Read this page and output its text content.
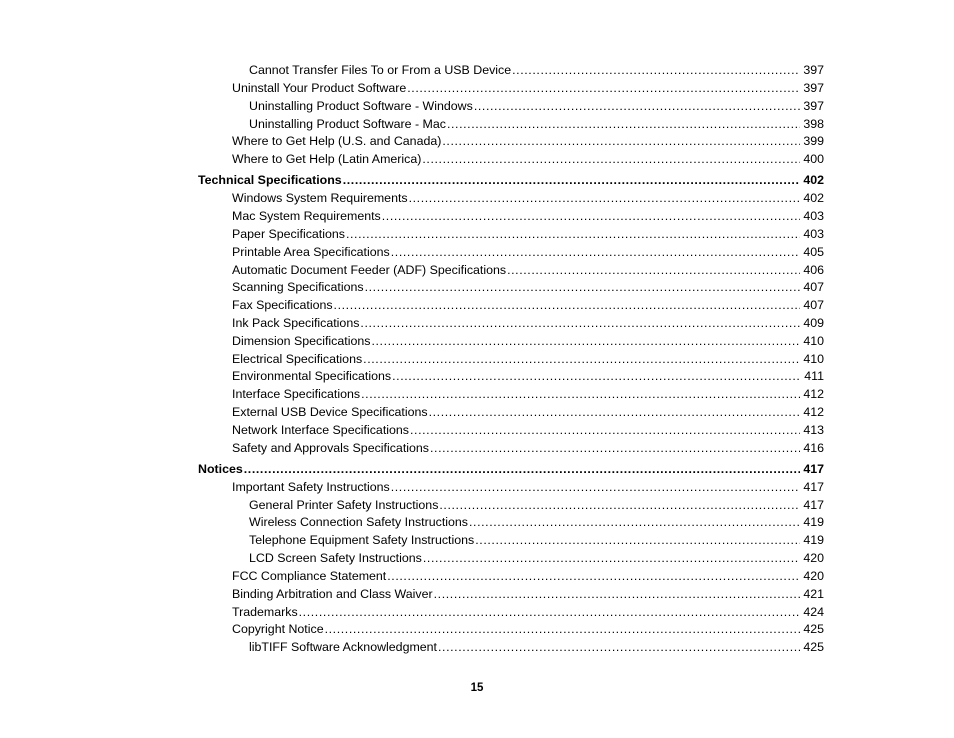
Cannot Transfer Files To or From a USB Device .....	397
Uninstall Your Product Software .....	397
Uninstalling Product Software - Windows .....	397
Uninstalling Product Software - Mac .....	398
Where to Get Help (U.S. and Canada) .....	399
Where to Get Help (Latin America) .....	400
Technical Specifications .....	402
Windows System Requirements .....	402
Mac System Requirements .....	403
Paper Specifications .....	403
Printable Area Specifications .....	405
Automatic Document Feeder (ADF) Specifications .....	406
Scanning Specifications .....	407
Fax Specifications .....	407
Ink Pack Specifications .....	409
Dimension Specifications .....	410
Electrical Specifications .....	410
Environmental Specifications .....	411
Interface Specifications .....	412
External USB Device Specifications .....	412
Network Interface Specifications .....	413
Safety and Approvals Specifications .....	416
Notices .....	417
Important Safety Instructions .....	417
General Printer Safety Instructions .....	417
Wireless Connection Safety Instructions .....	419
Telephone Equipment Safety Instructions .....	419
LCD Screen Safety Instructions .....	420
FCC Compliance Statement .....	420
Binding Arbitration and Class Waiver .....	421
Trademarks .....	424
Copyright Notice .....	425
libTIFF Software Acknowledgment .....	425
15
